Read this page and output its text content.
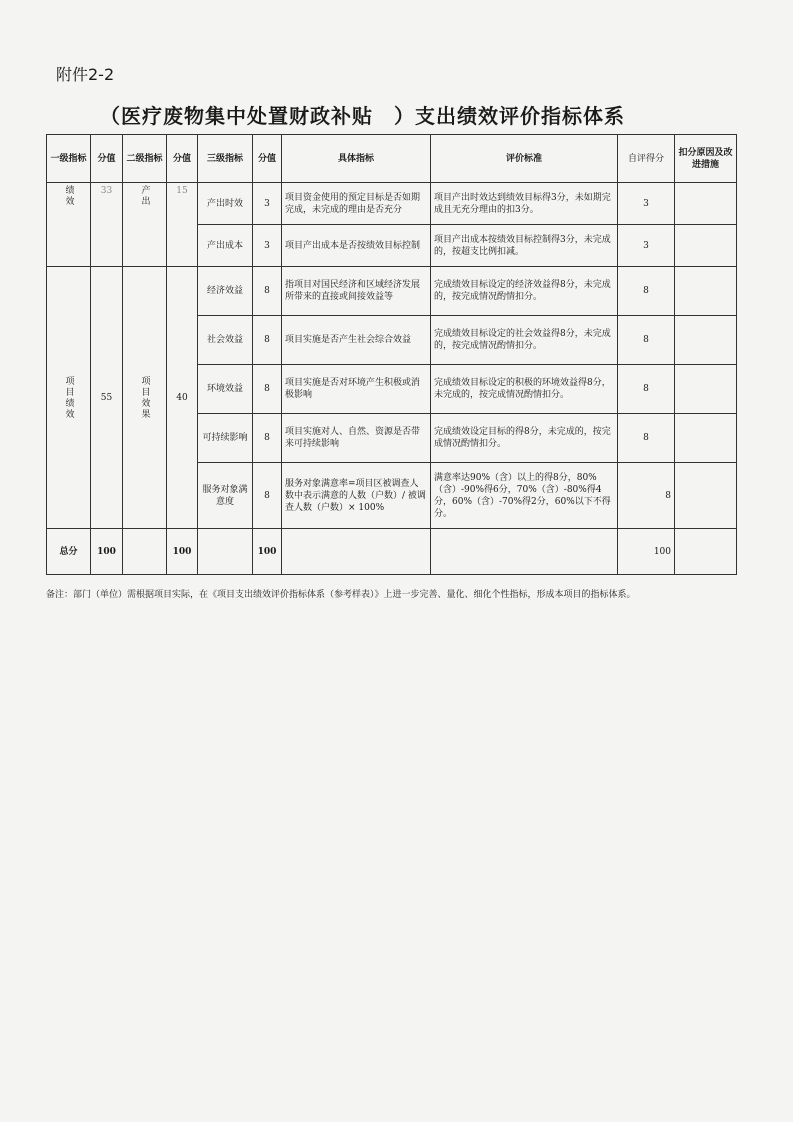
附件2-2
（医疗废物集中处置财政补贴　）支出绩效评价指标体系
一级指标	分值	二级指标	分值	三级指标	分值	具体指标	评价标准	自评得分	扣分原因及改进措施

绩效	33	产出	15	产出时效	3	项目资金使用的预定目标是否如期完成，未完成的理由是否充分	项目产出时效达到绩效目标得3分，未如期完成且无充分理由的扣3分。	3	
				产出成本	3	项目产出成本是否按绩效目标控制	项目产出成本按绩效目标控制得3分，未完成的，按超支比例扣减。	3	

项目绩效	55	项目效果	40	经济效益	8	指项目对国民经济和区域经济发展所带来的直接或间接效益等	完成绩效目标设定的经济效益得8分，未完成的，按完成情况酌情扣分。	8	
				社会效益	8	项目实施是否产生社会综合效益	完成绩效目标设定的社会效益得8分，未完成的，按完成情况酌情扣分。	8	
				环境效益	8	项目实施是否对环境产生积极或消极影响	完成绩效目标设定的积极的环境效益得8分，未完成的，按完成情况酌情扣分。	8	
				可持续影响	8	项目实施对人、自然、资源是否带来可持续影响	完成绩效设定目标的得8分，未完成的，按完成情况酌情扣分。	8	
				服务对象满意度	8	服务对象满意率=项目区被调查人数中表示满意的人数（户数）/ 被调查人数（户数）× 100%	满意率达90%（含）以上的得8分，80%（含）-90%得6分，70%（含）-80%得4分，60%（含）-70%得2分，60%以下不得分。	8	
总分	100		100		100			100	
备注：部门（单位）需根据项目实际，在《项目支出绩效评价指标体系（参考样表）》上进一步完善、量化、细化个性指标，形成本项目的指标体系。
